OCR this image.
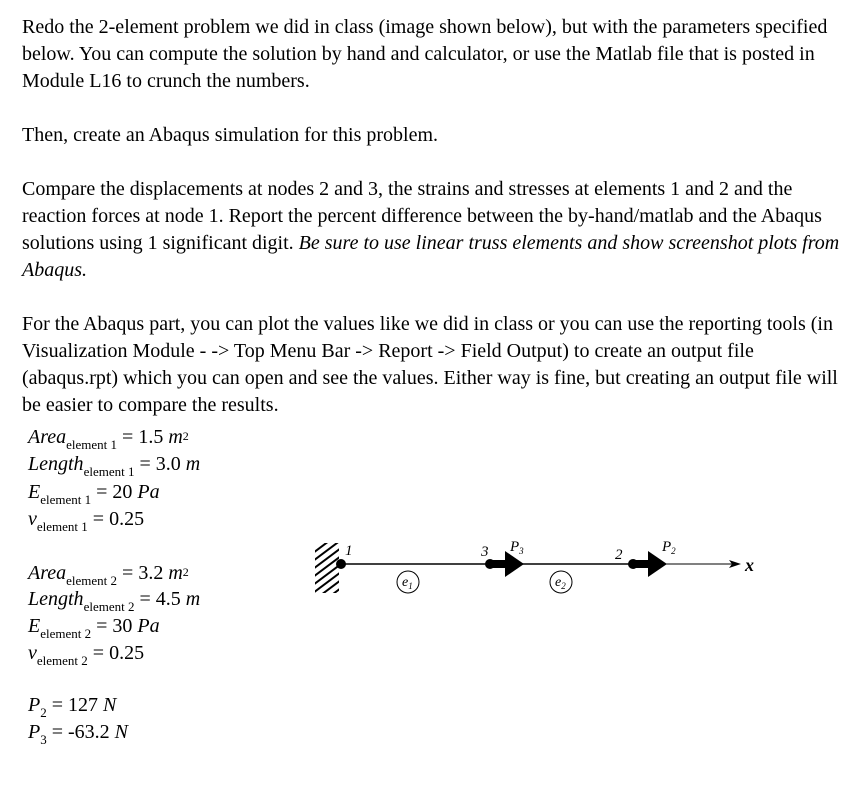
Redo the 2-element problem we did in class (image shown below), but with the parameters specified below. You can compute the solution by hand and calculator, or use the Matlab file that is posted in Module L16 to crunch the numbers.
Then, create an Abaqus simulation for this problem.
Compare the displacements at nodes 2 and 3, the strains and stresses at elements 1 and 2 and the reaction forces at node 1. Report the percent difference between the by-hand/matlab and the Abaqus solutions using 1 significant digit. Be sure to use linear truss elements and show screenshot plots from Abaqus.
For the Abaqus part, you can plot the values like we did in class or you can use the reporting tools (in Visualization Module - -> Top Menu Bar -> Report -> Field Output) to create an output file (abaqus.rpt) which you can open and see the values. Either way is fine, but creating an output file will be easier to compare the results.
Area$_{element 1}$ = 1.5 $m^2$
Length$_{element 1}$ = 3.0 m
$E_{element 1} = 20$ Pa
$\nu_{element 1} = 0.25$
Area$_{element 2}$ = 3.2 $m^2$
Length$_{element 2}$ = 4.5 m
$E_{element 2} = 30$ Pa
$\nu_{element 2} = 0.25$
$P_2 = 127$ N
$P_3 = -63.2$ N
1	3	2
$e_1$	$e_2$
$P_3$	$P_2$
x
